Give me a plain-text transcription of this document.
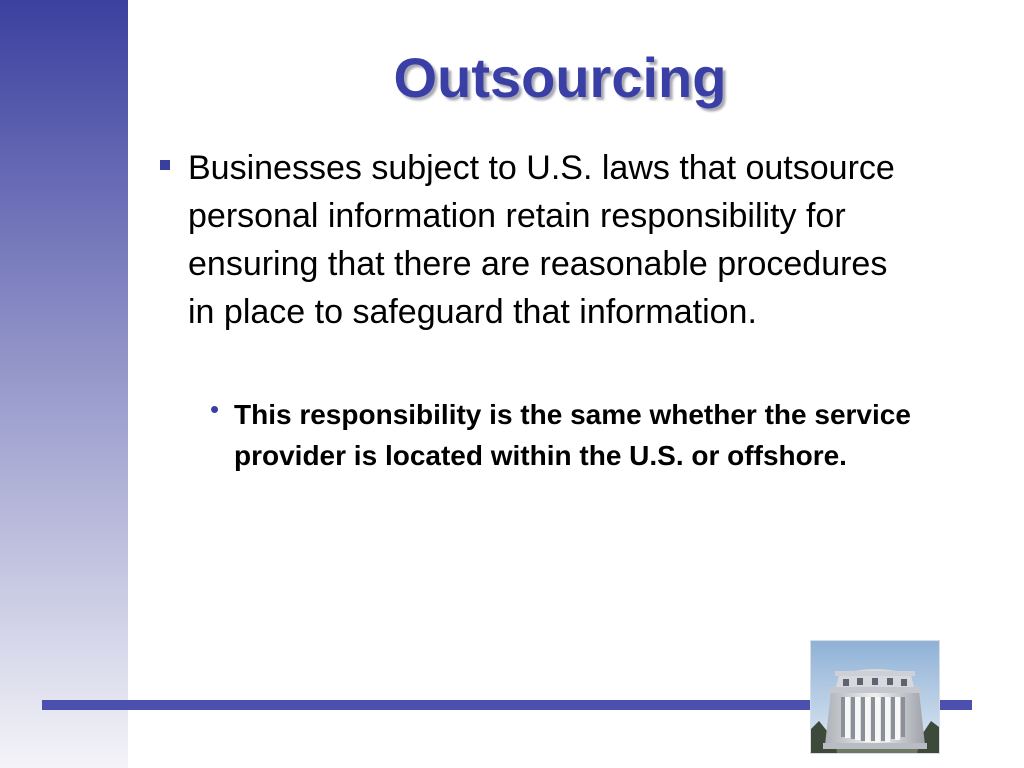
Outsourcing
Businesses subject to U.S. laws that outsource personal information retain responsibility for ensuring that there are reasonable procedures in place to safeguard that information.
• This responsibility is the same whether the service provider is located within the U.S. or offshore.
